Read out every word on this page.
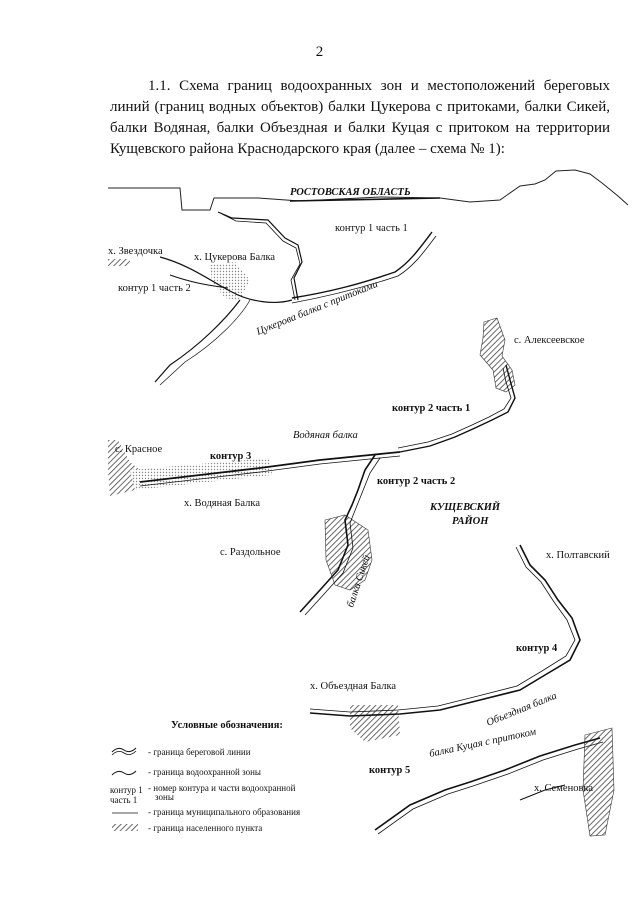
2
1.1. Схема границ водоохранных зон и местоположений береговых линий (границ водных объектов) балки Цукерова с притоками, балки Сикей, балки Водяная, балки Объездная и балки Куцая с притоком на территории Кущевского района Краснодарского края (далее – схема № 1):
РОСТОВСКАЯ ОБЛАСТЬ
КУЩЕВСКИЙ
РАЙОН
х. Звездочка
х. Цукерова Балка
с. Алексеевское
с. Красное
х. Водяная Балка
с. Раздольное	х. Полтавский
х. Объездная Балка
х. Семеновка
контур 1 часть 1
контур 1 часть 2
контур 2 часть 1
контур 2 часть 2
контур 3
контур 4
контур 5
Цукерова балка с притоками
Водяная балка
балка Сикей
Объездная балка
балка Куцая с притоком
Условные обозначения:
- граница береговой линии
- граница водоохранной зоны
контур 1
часть 1
- номер контура и части водоохранной
зоны
- граница муниципального образования
- граница населенного пункта
